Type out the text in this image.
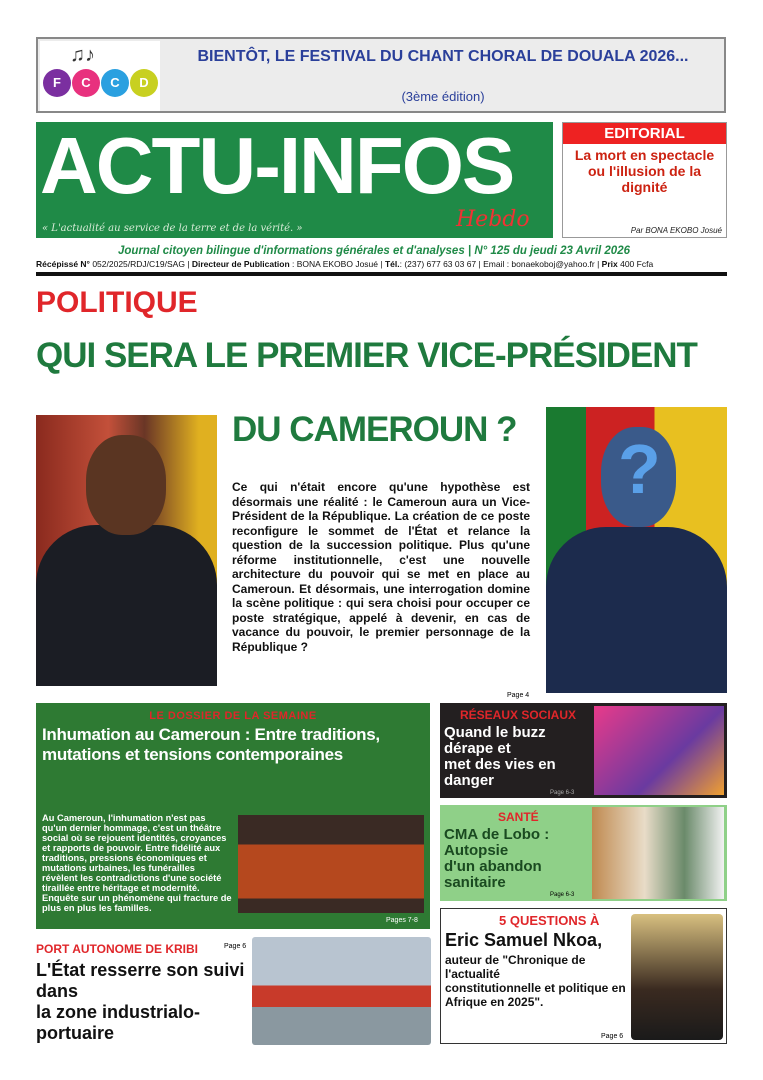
F	C	C	D
♫♪	BIENTÔT, LE FESTIVAL DU CHANT CHORAL DE DOUALA 2026...
(3ème édition)
ACTU-INFOS
Hebdo
« L'actualité au service de la terre et de la vérité. »
EDITORIAL
La mort en spectacle ou l'illusion de la dignité
Par BONA EKOBO Josué
Journal citoyen bilingue d'informations générales et d'analyses | N° 125 du jeudi 23 Avril 2026
Récépissé N° 052/2025/RDJ/C19/SAG | Directeur de Publication : BONA EKOBO Josué | Tél.: (237) 677 63 03 67 | Email : bonaekoboj@yahoo.fr | Prix 400 Fcfa
POLITIQUE
QUI SERA LE PREMIER VICE-PRÉSIDENT
DU CAMEROUN ?
?
Ce qui n'était encore qu'une hypothèse est désormais une réalité : le Cameroun aura un Vice-Président de la République. La création de ce poste reconfigure le sommet de l'État et relance la question de la succession politique. Plus qu'une réforme institutionnelle, c'est une nouvelle architecture du pouvoir qui se met en place au Cameroun. Et désormais, une interrogation domine la scène politique : qui sera choisi pour occuper ce poste stratégique, appelé à devenir, en cas de vacance du pouvoir, le premier personnage de la République ?
Page 4
LE DOSSIER DE LA SEMAINE
Inhumation au Cameroun : Entre traditions,
mutations et tensions contemporaines
Au Cameroun, l'inhumation n'est pas qu'un dernier hommage, c'est un théâtre social où se rejouent identités, croyances et rapports de pouvoir. Entre fidélité aux traditions, pressions économiques et mutations urbaines, les funérailles révèlent les contradictions d'une société tiraillée entre héritage et modernité. Enquête sur un phénomène qui fracture de plus en plus les familles.
Pages 7-8
RÉSEAUX SOCIAUX
Quand le buzz dérape et
met des vies en danger
Page 6-3
SANTÉ
CMA de Lobo : Autopsie
d'un abandon sanitaire
Page 6-3
5 QUESTIONS À
Eric Samuel Nkoa,
auteur de "Chronique de l'actualité
constitutionnelle et politique en
Afrique en 2025".
Page 6
PORT AUTONOME DE KRIBI	Page 6
L'État resserre son suivi dans
la zone industrialo-portuaire
